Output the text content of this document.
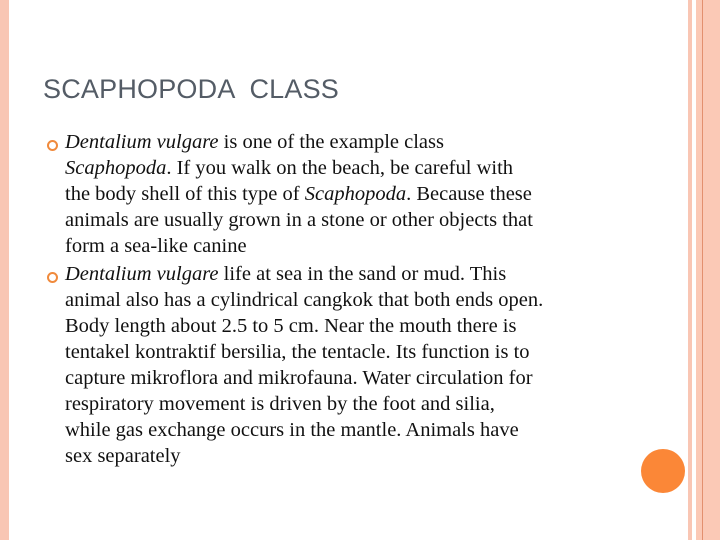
SCAPHOPODA  CLASS
Dentalium vulgare is one of the example class
Scaphopoda. If you walk on the beach, be careful with
the body shell of this type of Scaphopoda. Because these
animals are usually grown in a stone or other objects that
form a sea-like canine
Dentalium vulgare life at sea in the sand or mud. This
animal also has a cylindrical cangkok that both ends open.
Body length about 2.5 to 5 cm. Near the mouth there is
tentakel kontraktif bersilia, the tentacle. Its function is to
capture mikroflora and mikrofauna. Water circulation for
respiratory movement is driven by the foot and silia,
while gas exchange occurs in the mantle. Animals have
sex separately
